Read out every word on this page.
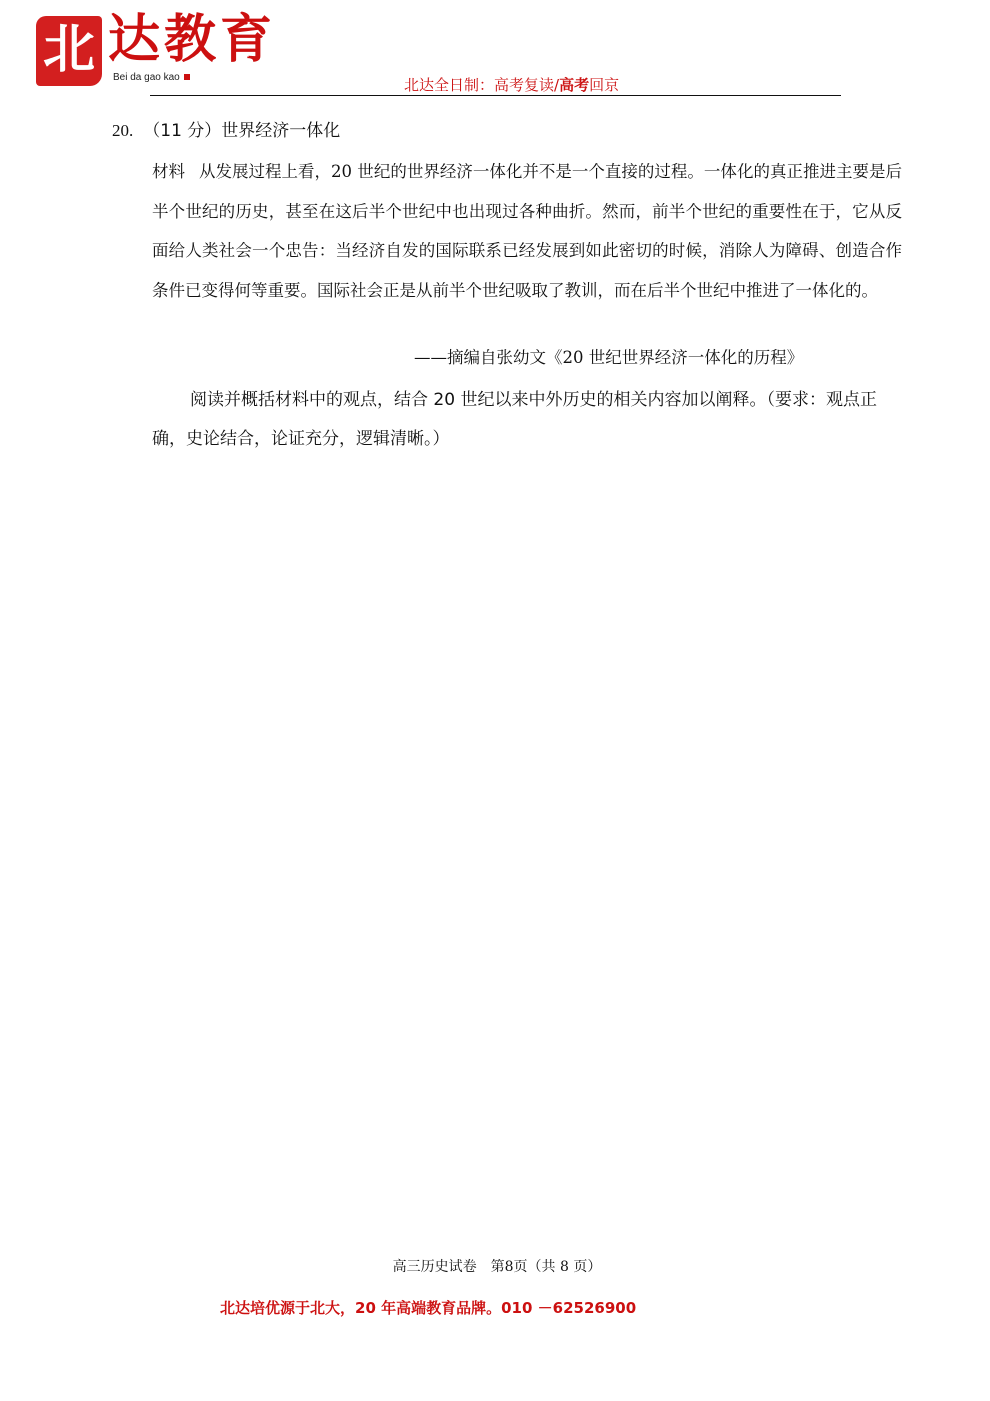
北 达教育
Bei da gao kao	北达全日制：高考复读/高考回京
20. （11 分）世界经济一体化
材料 从发展过程上看，20 世纪的世界经济一体化并不是一个直接的过程。一体化的真正推进主要是后半个世纪的历史，甚至在这后半个世纪中也出现过各种曲折。然而，前半个世纪的重要性在于，它从反面给人类社会一个忠告：当经济自发的国际联系已经发展到如此密切的时候，消除人为障碍、创造合作条件已变得何等重要。国际社会正是从前半个世纪吸取了教训，而在后半个世纪中推进了一体化的。
——摘编自张幼文《20 世纪世界经济一体化的历程》
阅读并概括材料中的观点，结合 20 世纪以来中外历史的相关内容加以阐释。（要求：观点正确，史论结合，论证充分，逻辑清晰。）
高三历史试卷　第8页（共 8 页）
北达培优源于北大，20 年高端教育品牌。010 －62526900
